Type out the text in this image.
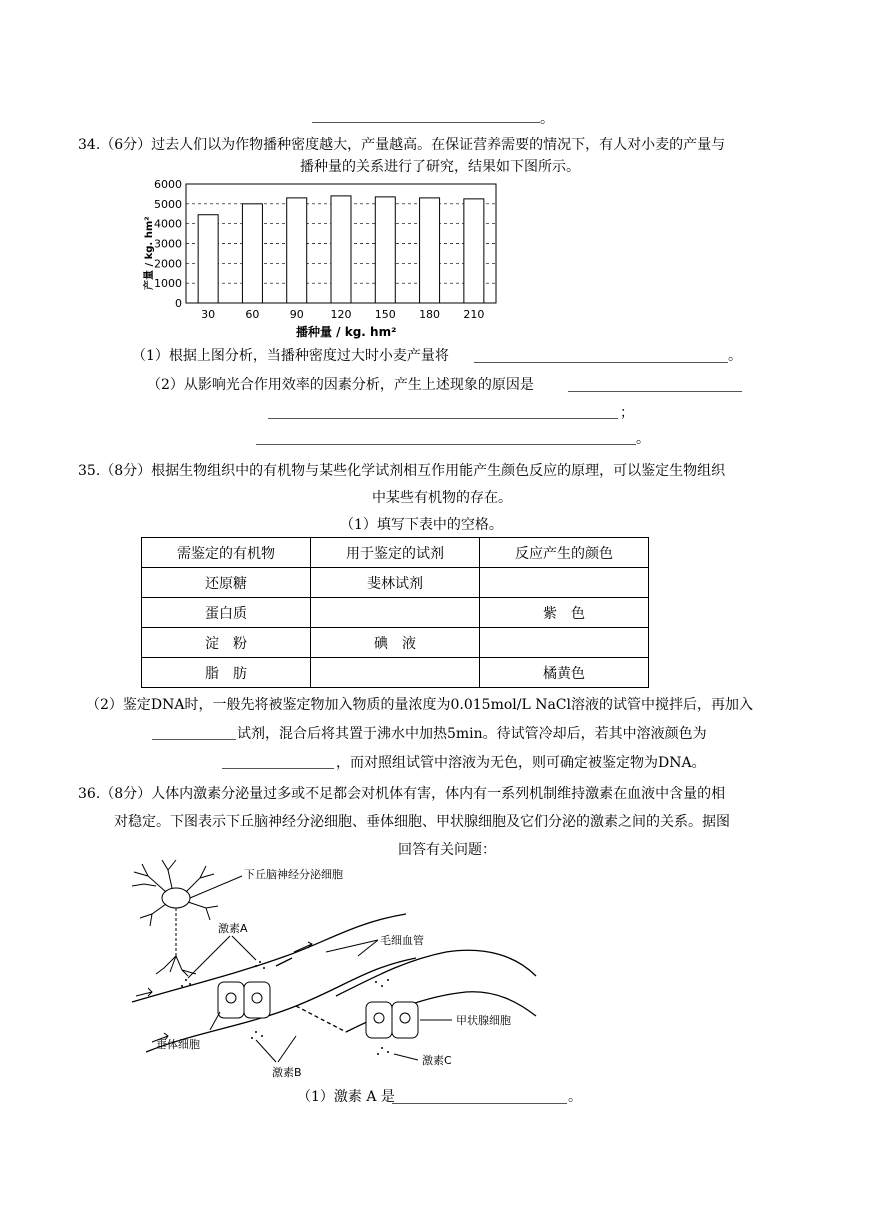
。
34.（6分）过去人们以为作物播种密度越大，产量越高。在保证营养需要的情况下，有人对小麦的产量与
播种量的关系进行了研究，结果如下图所示。
0
1000
2000
3000
4000
5000
6000
30	60	90 120 150 180 210
产量 / kg. hm²
播种量 / kg. hm²
（1）根据上图分析，当播种密度过大时小麦产量将	。
（2）从影响光合作用效率的因素分析，产生上述现象的原因是
；
。
35.（8分）根据生物组织中的有机物与某些化学试剂相互作用能产生颜色反应的原理，可以鉴定生物组织
中某些有机物的存在。
（1）填写下表中的空格。
需鉴定的有机物	用于鉴定的试剂	反应产生的颜色
还原糖	斐林试剂	
蛋白质		紫　色
淀　粉	碘　液	
脂　肪		橘黄色
（2）鉴定DNA时，一般先将被鉴定物加入物质的量浓度为0.015mol/L NaCl溶液的试管中搅拌后，再加入
试剂，混合后将其置于沸水中加热5min。待试管冷却后，若其中溶液颜色为
，而对照组试管中溶液为无色，则可确定被鉴定物为DNA。
36.（8分）人体内激素分泌量过多或不足都会对机体有害，体内有一系列机制维持激素在血液中含量的相
对稳定。下图表示下丘脑神经分泌细胞、垂体细胞、甲状腺细胞及它们分泌的激素之间的关系。据图
回答有关问题：
下丘脑神经分泌细胞
激素A
毛细血管
垂体细胞
激素B
甲状腺细胞
激素C
（1）激素 A 是	。
